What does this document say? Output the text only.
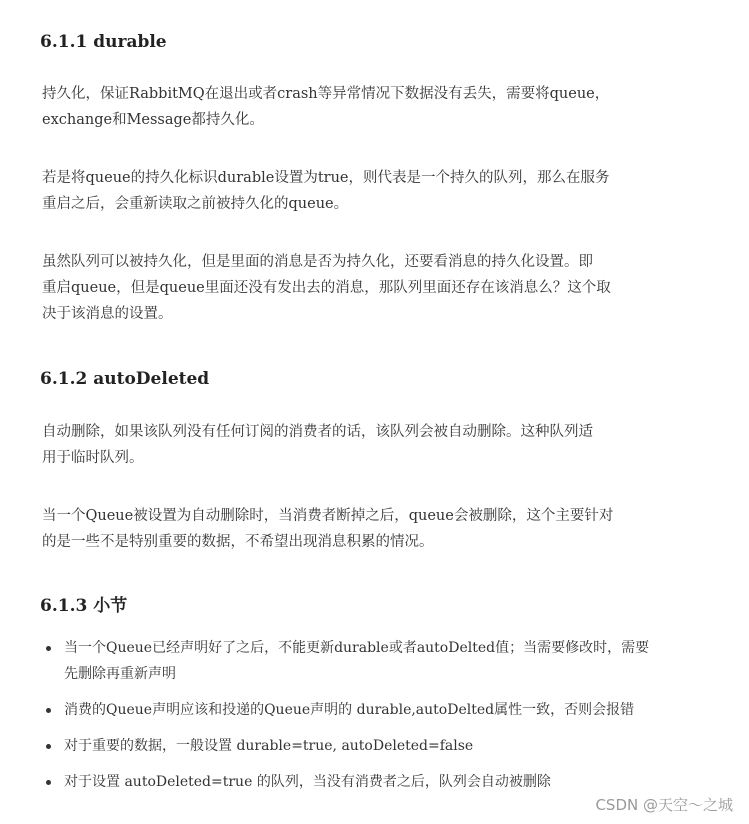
6.1.1 durable

持久化，保证RabbitMQ在退出或者crash等异常情况下数据没有丢失，需要将queue，
exchange和Message都持久化。

若是将queue的持久化标识durable设置为true，则代表是一个持久的队列，那么在服务
重启之后，会重新读取之前被持久化的queue。

虽然队列可以被持久化，但是里面的消息是否为持久化，还要看消息的持久化设置。即
重启queue，但是queue里面还没有发出去的消息，那队列里面还存在该消息么？这个取
决于该消息的设置。

6.1.2 autoDeleted

自动删除，如果该队列没有任何订阅的消费者的话，该队列会被自动删除。这种队列适
用于临时队列。

当一个Queue被设置为自动删除时，当消费者断掉之后，queue会被删除，这个主要针对
的是一些不是特别重要的数据，不希望出现消息积累的情况。

6.1.3 小节
当一个Queue已经声明好了之后，不能更新durable或者autoDelted值；当需要修改时，需要
先删除再重新声明
消费的Queue声明应该和投递的Queue声明的 durable,autoDelted属性一致，否则会报错
对于重要的数据，一般设置 durable=true, autoDeleted=false
对于设置 autoDeleted=true 的队列，当没有消费者之后，队列会自动被删除
CSDN @天空～之城
